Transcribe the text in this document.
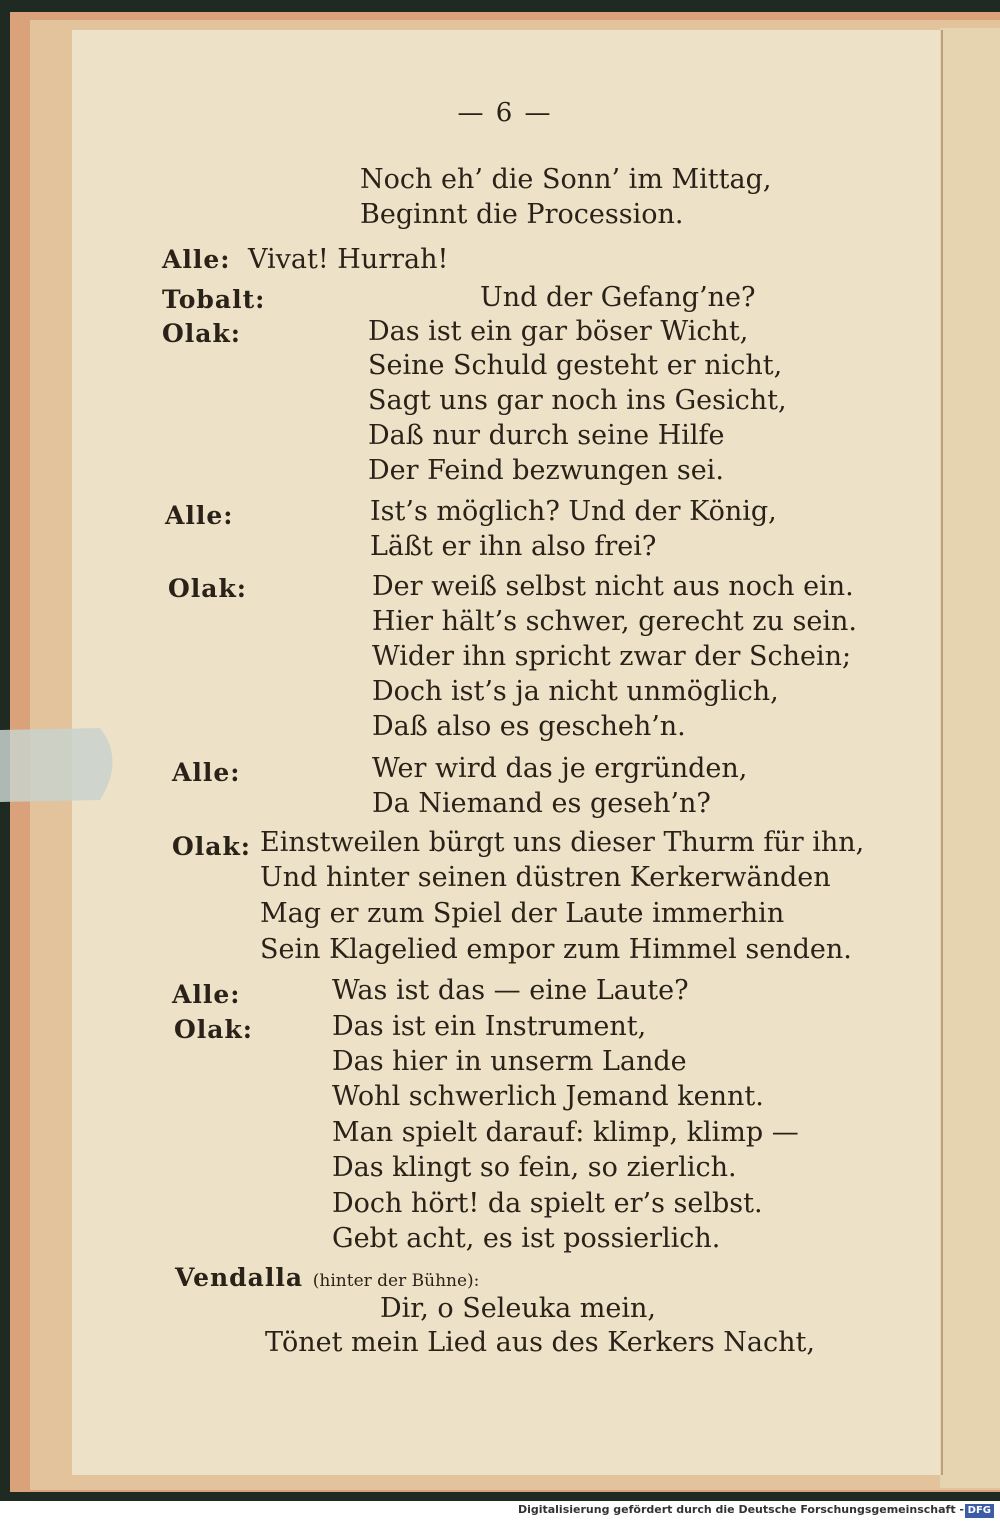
— 6 —
Noch eh’ die Sonn’ im Mittag,
Beginnt die Procession.
Alle: Vivat! Hurrah!
Tobalt:	Und der Gefang’ne?
Olak:	Das ist ein gar böser Wicht,
Seine Schuld gesteht er nicht,
Sagt uns gar noch ins Gesicht,
Daß nur durch seine Hilfe
Der Feind bezwungen sei.
Alle:	Ist’s möglich? Und der König,
Läßt er ihn also frei?
Olak:	Der weiß selbst nicht aus noch ein.
Hier hält’s schwer, gerecht zu sein.
Wider ihn spricht zwar der Schein;
Doch ist’s ja nicht unmöglich,
Daß also es gescheh’n.
Alle:	Wer wird das je ergründen,
Da Niemand es geseh’n?
Olak: Einstweilen bürgt uns dieser Thurm für ihn,
Und hinter seinen düstren Kerkerwänden
Mag er zum Spiel der Laute immerhin
Sein Klagelied empor zum Himmel senden.
Alle:	Was ist das — eine Laute?
Olak:	Das ist ein Instrument,
Das hier in unserm Lande
Wohl schwerlich Jemand kennt.
Man spielt darauf: klimp, klimp —
Das klingt so fein, so zierlich.
Doch hört! da spielt er’s selbst.
Gebt acht, es ist possierlich.
Vendalla (hinter der Bühne):
Dir, o Seleuka mein,
Tönet mein Lied aus des Kerkers Nacht,
Digitalisierung gefördert durch die Deutsche Forschungsgemeinschaft - DFG
